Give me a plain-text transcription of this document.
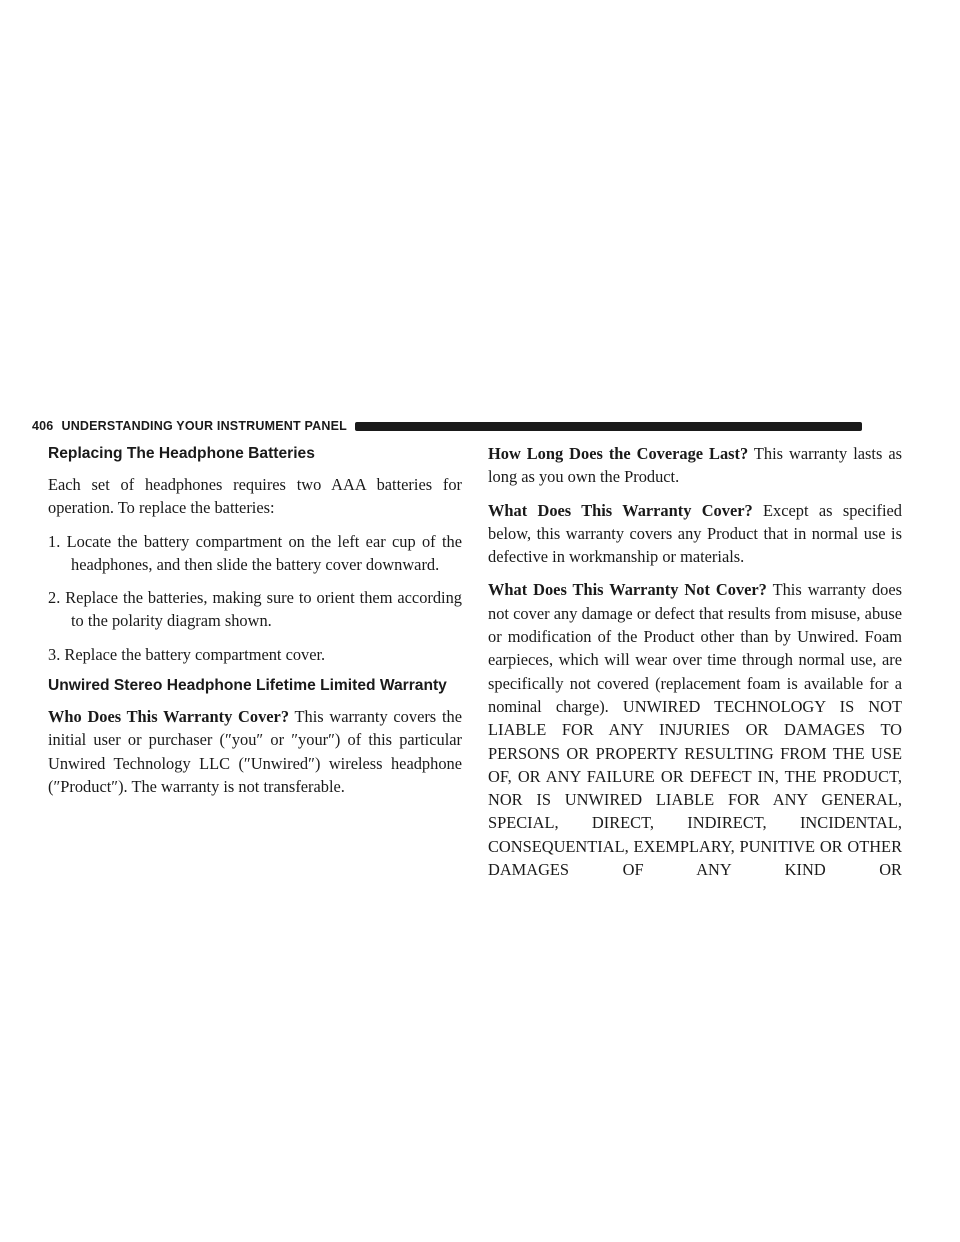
406 UNDERSTANDING YOUR INSTRUMENT PANEL
Replacing The Headphone Batteries

Each set of headphones requires two AAA batteries for operation. To replace the batteries:

1. Locate the battery compartment on the left ear cup of the headphones, and then slide the battery cover downward.
2. Replace the batteries, making sure to orient them according to the polarity diagram shown.
3. Replace the battery compartment cover.
Unwired Stereo Headphone Lifetime Limited Warranty

Who Does This Warranty Cover? This warranty covers the initial user or purchaser (″you″ or ″your″) of this particular Unwired Technology LLC (″Unwired″) wireless headphone (″Product″). The warranty is not transferable.

How Long Does the Coverage Last? This warranty lasts as long as you own the Product.

What Does This Warranty Cover? Except as specified below, this warranty covers any Product that in normal use is defective in workmanship or materials.

What Does This Warranty Not Cover? This warranty does not cover any damage or defect that results from misuse, abuse or modification of the Product other than by Unwired. Foam earpieces, which will wear over time through normal use, are specifically not covered (replacement foam is available for a nominal charge). UNWIRED TECHNOLOGY IS NOT LIABLE FOR ANY INJURIES OR DAMAGES TO PERSONS OR PROPERTY RESULTING FROM THE USE OF, OR ANY FAILURE OR DEFECT IN, THE PRODUCT, NOR IS UNWIRED LIABLE FOR ANY GENERAL, SPECIAL, DIRECT, INDIRECT, INCIDENTAL, CONSEQUENTIAL, EXEMPLARY, PUNITIVE OR OTHER DAMAGES OF ANY KIND OR
